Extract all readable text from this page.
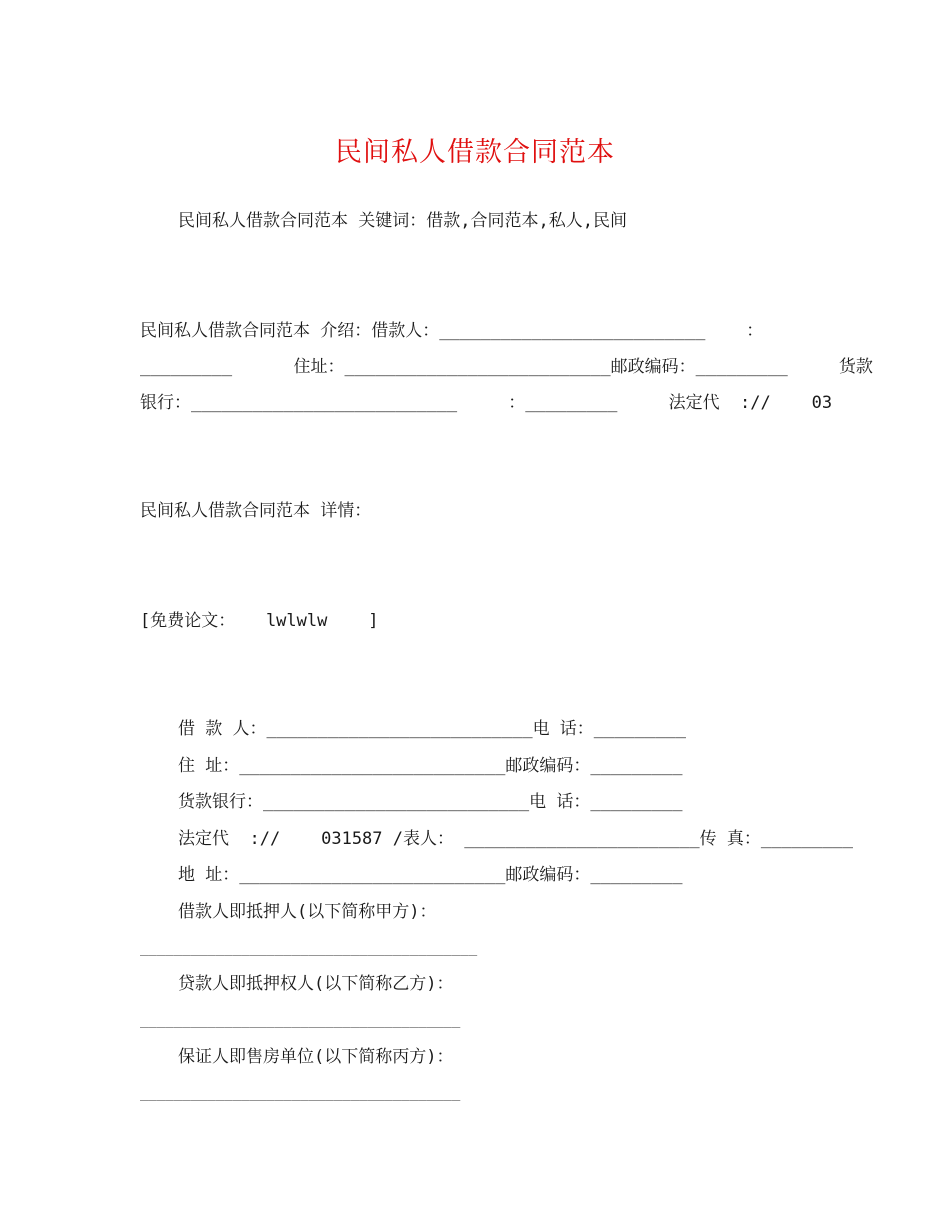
民间私人借款合同范本
民间私人借款合同范本 关键词：借款,合同范本,私人,民间
民间私人借款合同范本 介绍：借款人：__________________________    ：
_________      住址：__________________________邮政编码：_________     货款
银行：__________________________     ：_________     法定代  ://    03
民间私人借款合同范本 详情：
[免费论文：   lwlwlw    ]
借 款 人：__________________________电 话：_________
住 址：__________________________邮政编码：_________
货款银行：__________________________电 话：_________
法定代  ://    031587 /表人： _______________________传 真：_________
地 址：__________________________邮政编码：_________
借款人即抵押人(以下简称甲方)：
________________________________________
贷款人即抵押权人(以下简称乙方)：
______________________________________
保证人即售房单位(以下简称丙方)：
______________________________________
